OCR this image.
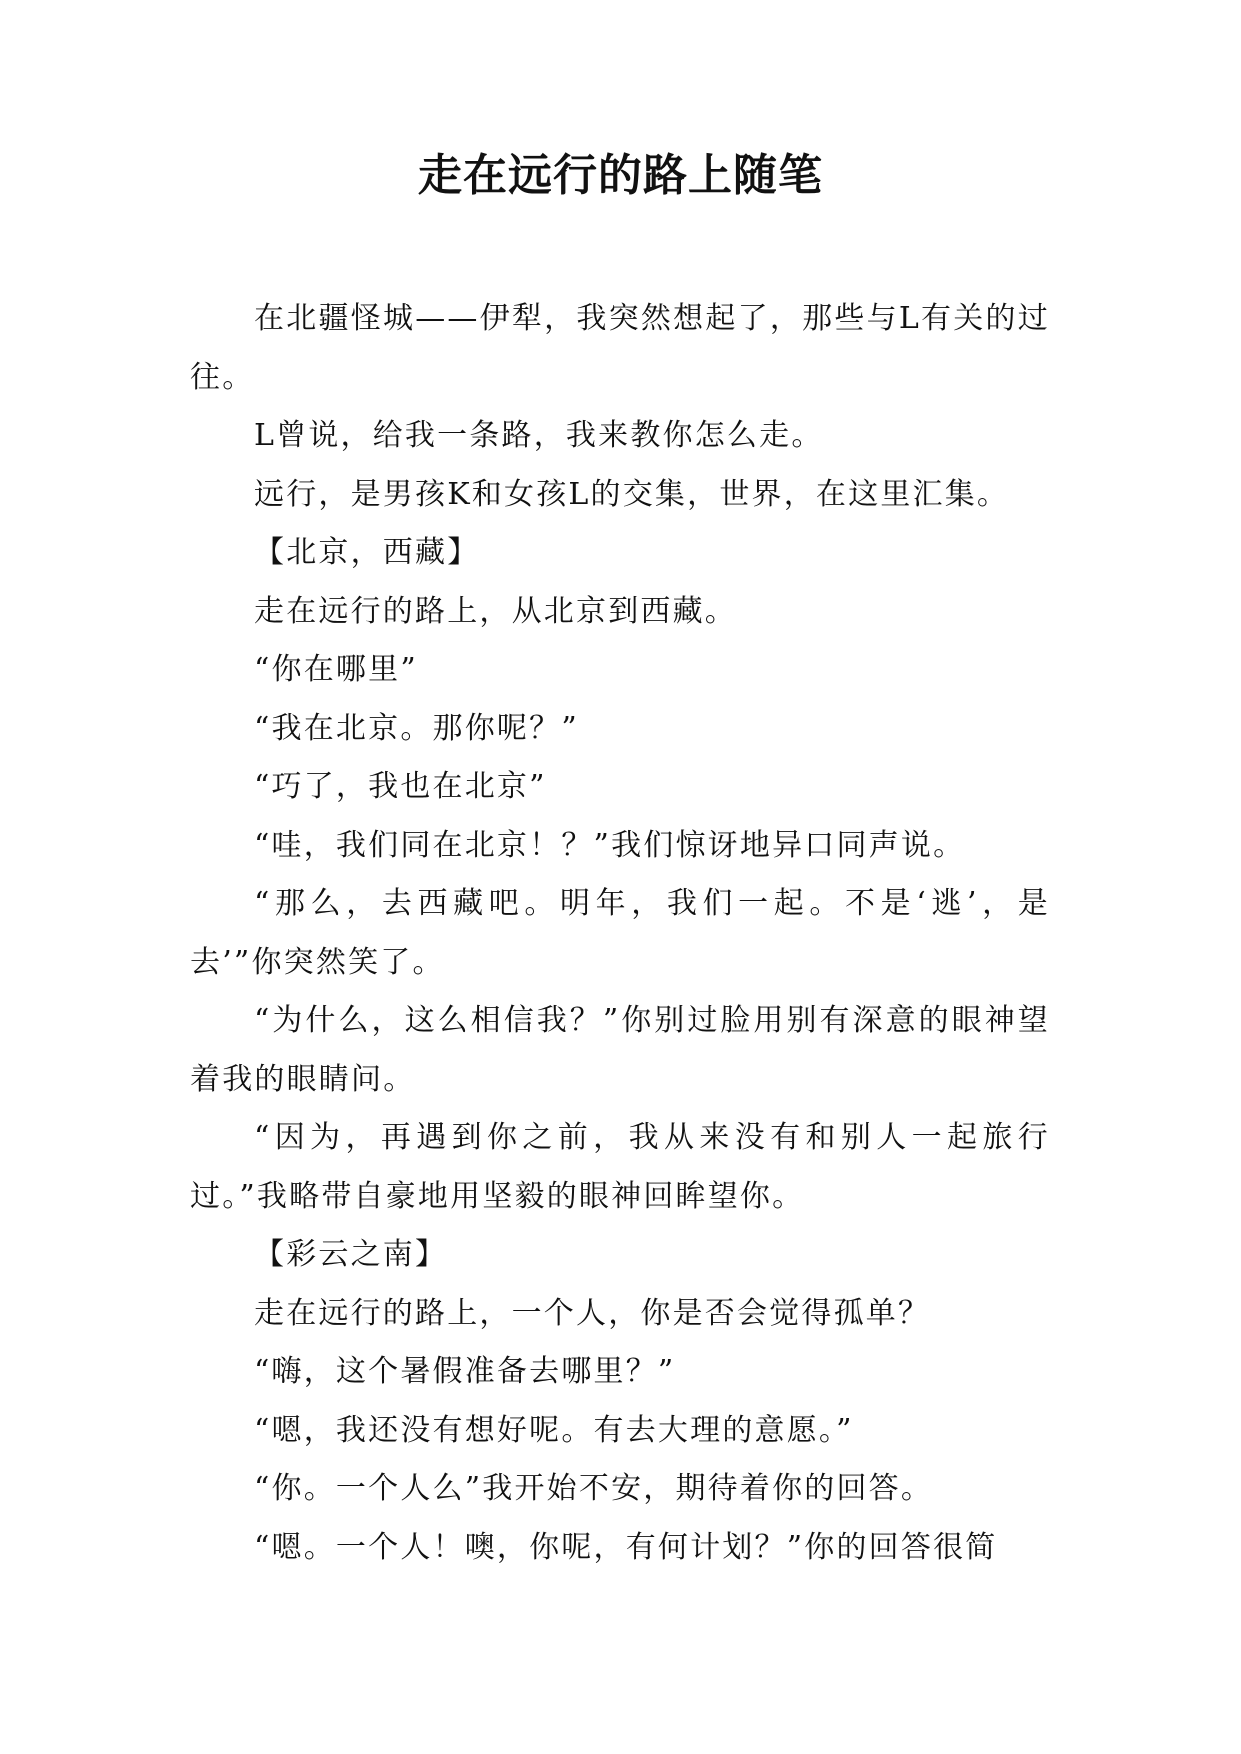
走在远行的路上随笔

在北疆怪城——伊犁，我突然想起了，那些与L有关的过往。

L曾说，给我一条路，我来教你怎么走。

远行，是男孩K和女孩L的交集，世界，在这里汇集。

【北京，西藏】

走在远行的路上，从北京到西藏。

“你在哪里”

“我在北京。那你呢？”

“巧了，我也在北京”

“哇，我们同在北京！？”我们惊讶地异口同声说。

“那么，去西藏吧。明年，我们一起。不是‘逃’，是去’”你突然笑了。

“为什么，这么相信我？”你别过脸用别有深意的眼神望着我的眼睛问。

“因为，再遇到你之前，我从来没有和别人一起旅行过。”我略带自豪地用坚毅的眼神回眸望你。

【彩云之南】

走在远行的路上，一个人，你是否会觉得孤单？

“嗨，这个暑假准备去哪里？”

“嗯，我还没有想好呢。有去大理的意愿。”

“你。一个人么”我开始不安，期待着你的回答。

“嗯。一个人！噢，你呢，有何计划？”你的回答很简
